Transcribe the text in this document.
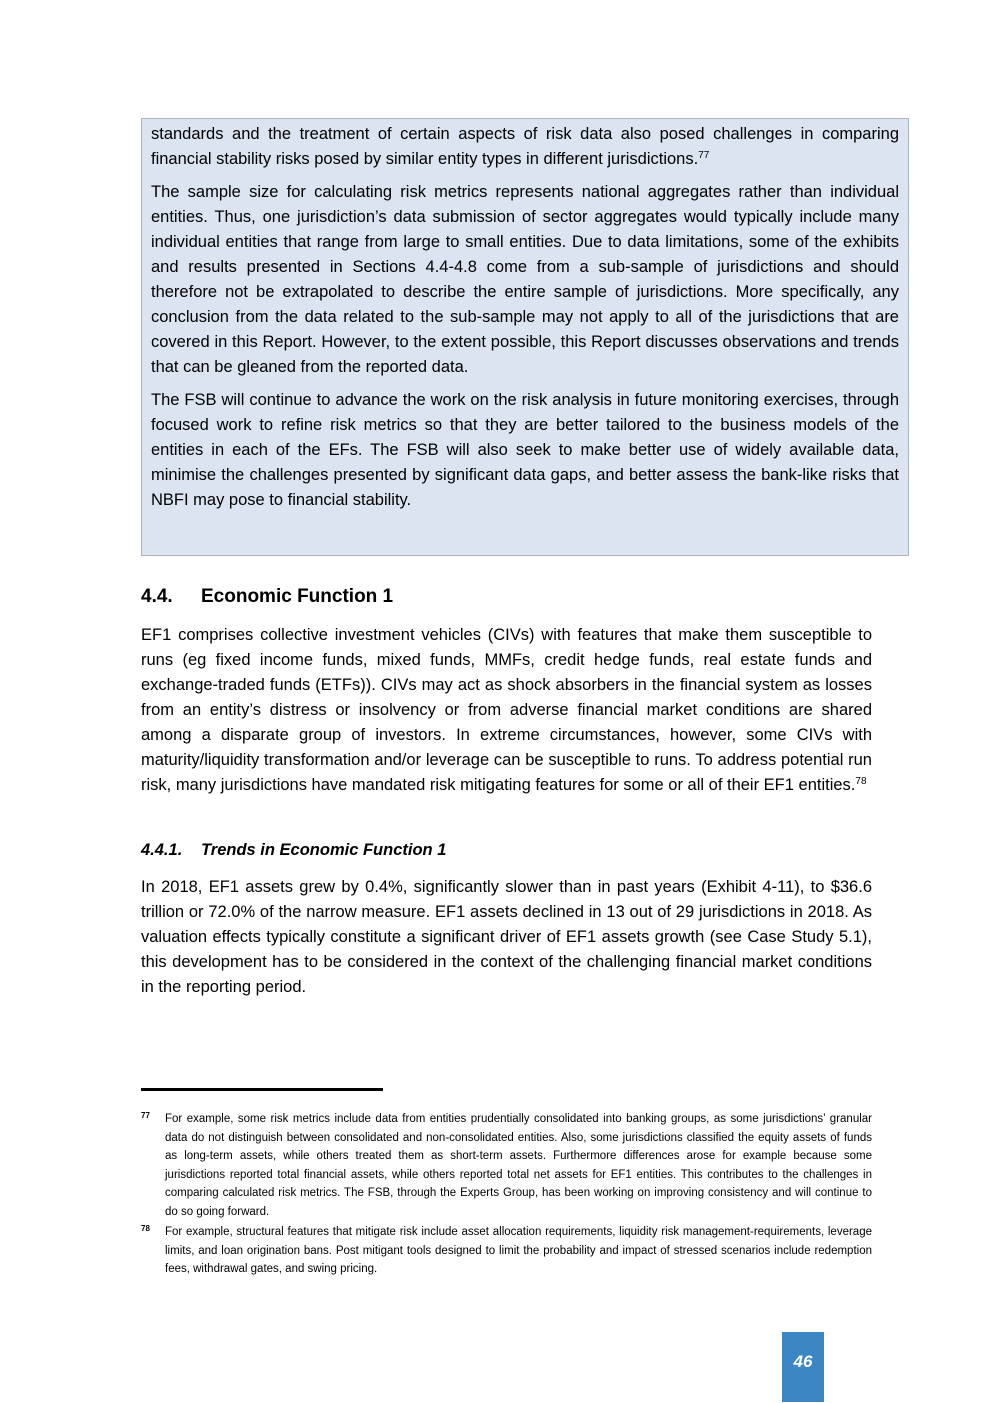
standards and the treatment of certain aspects of risk data also posed challenges in comparing financial stability risks posed by similar entity types in different jurisdictions.$^{77}$

The sample size for calculating risk metrics represents national aggregates rather than individual entities. Thus, one jurisdiction’s data submission of sector aggregates would typically include many individual entities that range from large to small entities. Due to data limitations, some of the exhibits and results presented in Sections 4.4-4.8 come from a sub-sample of jurisdictions and should therefore not be extrapolated to describe the entire sample of jurisdictions. More specifically, any conclusion from the data related to the sub-sample may not apply to all of the jurisdictions that are covered in this Report. However, to the extent possible, this Report discusses observations and trends that can be gleaned from the reported data.

The FSB will continue to advance the work on the risk analysis in future monitoring exercises, through focused work to refine risk metrics so that they are better tailored to the business models of the entities in each of the EFs. The FSB will also seek to make better use of widely available data, minimise the challenges presented by significant data gaps, and better assess the bank-like risks that NBFI may pose to financial stability.

4.4. Economic Function 1

EF1 comprises collective investment vehicles (CIVs) with features that make them susceptible to runs (eg fixed income funds, mixed funds, MMFs, credit hedge funds, real estate funds and exchange-traded funds (ETFs)). CIVs may act as shock absorbers in the financial system as losses from an entity’s distress or insolvency or from adverse financial market conditions are shared among a disparate group of investors. In extreme circumstances, however, some CIVs with maturity/liquidity transformation and/or leverage can be susceptible to runs. To address potential run risk, many jurisdictions have mandated risk mitigating features for some or all of their EF1 entities.$^{78}$

4.4.1. Trends in Economic Function 1

In 2018, EF1 assets grew by 0.4%, significantly slower than in past years (Exhibit 4-11), to $36.6 trillion or 72.0% of the narrow measure. EF1 assets declined in 13 out of 29 jurisdictions in 2018. As valuation effects typically constitute a significant driver of EF1 assets growth (see Case Study 5.1), this development has to be considered in the context of the challenging financial market conditions in the reporting period.

77 For example, some risk metrics include data from entities prudentially consolidated into banking groups, as some jurisdictions’ granular data do not distinguish between consolidated and non-consolidated entities. Also, some jurisdictions classified the equity assets of funds as long-term assets, while others treated them as short-term assets. Furthermore differences arose for example because some jurisdictions reported total financial assets, while others reported total net assets for EF1 entities. This contributes to the challenges in comparing calculated risk metrics. The FSB, through the Experts Group, has been working on improving consistency and will continue to do so going forward.
78 For example, structural features that mitigate risk include asset allocation requirements, liquidity risk management-requirements, leverage limits, and loan origination bans. Post mitigant tools designed to limit the probability and impact of stressed scenarios include redemption fees, withdrawal gates, and swing pricing.
46
